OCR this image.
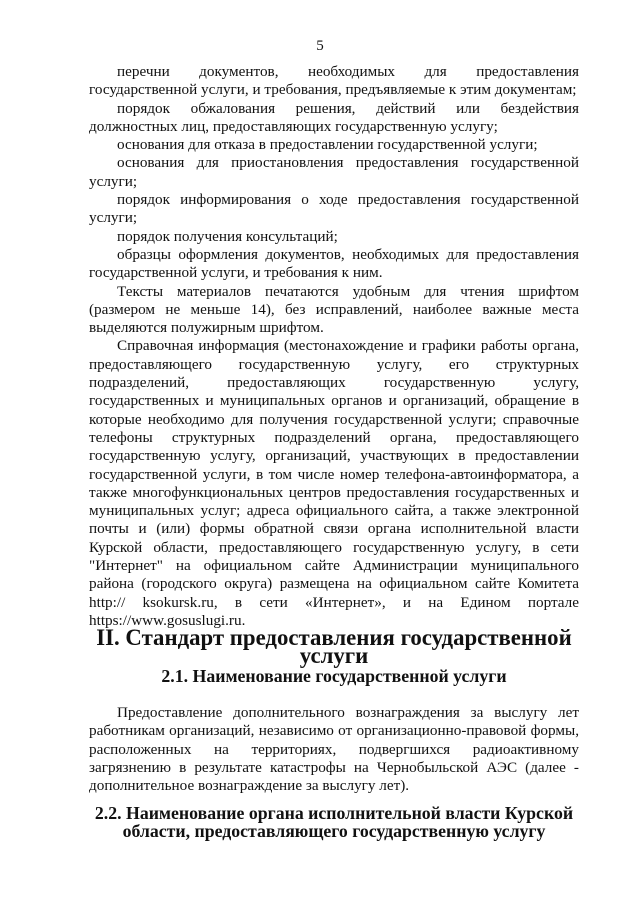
5

перечни документов, необходимых для предоставления государственной услуги, и требования, предъявляемые к этим документам;

порядок обжалования решения, действий или бездействия должностных лиц, предоставляющих государственную услугу;

основания для отказа в предоставлении государственной услуги;

основания для приостановления предоставления государственной услуги;

порядок информирования о ходе предоставления государственной услуги;

порядок получения консультаций;

образцы оформления документов, необходимых для предоставления государственной услуги, и требования к ним.

Тексты материалов печатаются удобным для чтения шрифтом (размером не меньше 14), без исправлений, наиболее важные места выделяются полужирным шрифтом.

Справочная информация (местонахождение и графики работы органа, предоставляющего государственную услугу, его структурных подразделений, предоставляющих государственную услугу, государственных и муниципальных органов и организаций, обращение в которые необходимо для получения государственной услуги; справочные телефоны структурных подразделений органа, предоставляющего государственную услугу, организаций, участвующих в предоставлении государственной услуги, в том числе номер телефона-автоинформатора, а также многофункциональных центров предоставления государственных и муниципальных услуг; адреса официального сайта, а также электронной почты и (или) формы обратной связи органа исполнительной власти Курской области, предоставляющего государственную услугу, в сети "Интернет" на официальном сайте Администрации муниципального района (городского округа) размещена на официальном сайте Комитета http:// ksokursk.ru, в сети «Интернет», и на Едином портале https://www.gosuslugi.ru.

II. Стандарт предоставления государственной услуги
2.1. Наименование государственной услуги

Предоставление дополнительного вознаграждения за выслугу лет работникам организаций, независимо от организационно-правовой формы, расположенных на территориях, подвергшихся радиоактивному загрязнению в результате катастрофы на Чернобыльской АЭС (далее - дополнительное вознаграждение за выслугу лет).

2.2. Наименование органа исполнительной власти Курской области, предоставляющего государственную услугу
